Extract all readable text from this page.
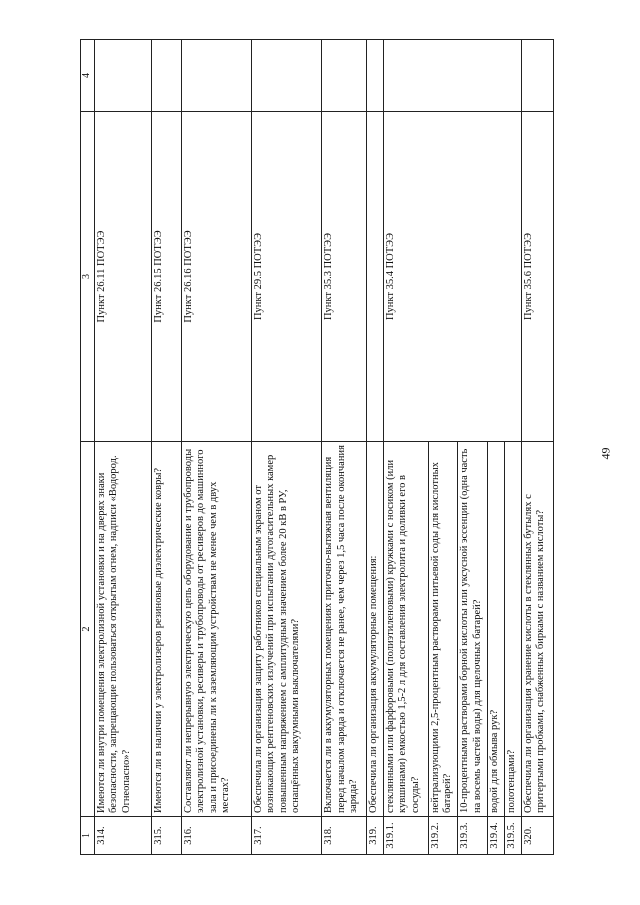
49
1	2	3	4
314.	Имеются ли внутри помещения электролизной установки и на дверях знаки безопасности, запрещающие пользоваться открытым огнем, надписи «Водород. Огнеопасно»?	Пункт 26.11 ПОТЭЭ	
315.	Имеются ли в наличии у электролизеров резиновые диэлектрические ковры?	Пункт 26.15 ПОТЭЭ	
316.	Составляют ли непрерывную электрическую цепь оборудование и трубопроводы электролизной установки, ресиверы и трубопроводы от ресиверов до машинного зала и присоединены ли к заземляющим устройствам не менее чем в двух местах?	Пункт 26.16 ПОТЭЭ	
317.	Обеспечила ли организация защиту работников специальным экраном от возникающих рентгеновских излучений при испытании дугогасительных камер повышенным напряжением с амплитудным значением более 20 кВ в РУ, оснащённых вакуумными выключателями?	Пункт 29.5 ПОТЭЭ	
318.	Включается ли в аккумуляторных помещениях приточно-вытяжная вентиляция перед началом заряда и отключается не ранее, чем через 1,5 часа после окончания заряда?	Пункт 35.3 ПОТЭЭ	
319.	Обеспечила ли организация аккумуляторные помещения:		
319.1.	стеклянными или фарфоровыми (полиэтиленовыми) кружками с носиком (или кувшинами) емкостью 1,5-2 л для составления электролита и доливки его в сосуды?	Пункт 35.4 ПОТЭЭ	
319.2.	нейтрализующими 2,5-процентным растворами питьевой соды для кислотных батарей?		
319.3.	10-процентными растворами борной кислоты или уксусной эссенции (одна часть на восемь частей воды) для щелочных батарей?		
319.4.	водой для обмыва рук?		
319.5.	полотенцами?		
320.	Обеспечила ли организация хранение кислоты в стеклянных бутылях с притертыми пробками, снабженных бирками с названием кислоты?	Пункт 35.6 ПОТЭЭ	
